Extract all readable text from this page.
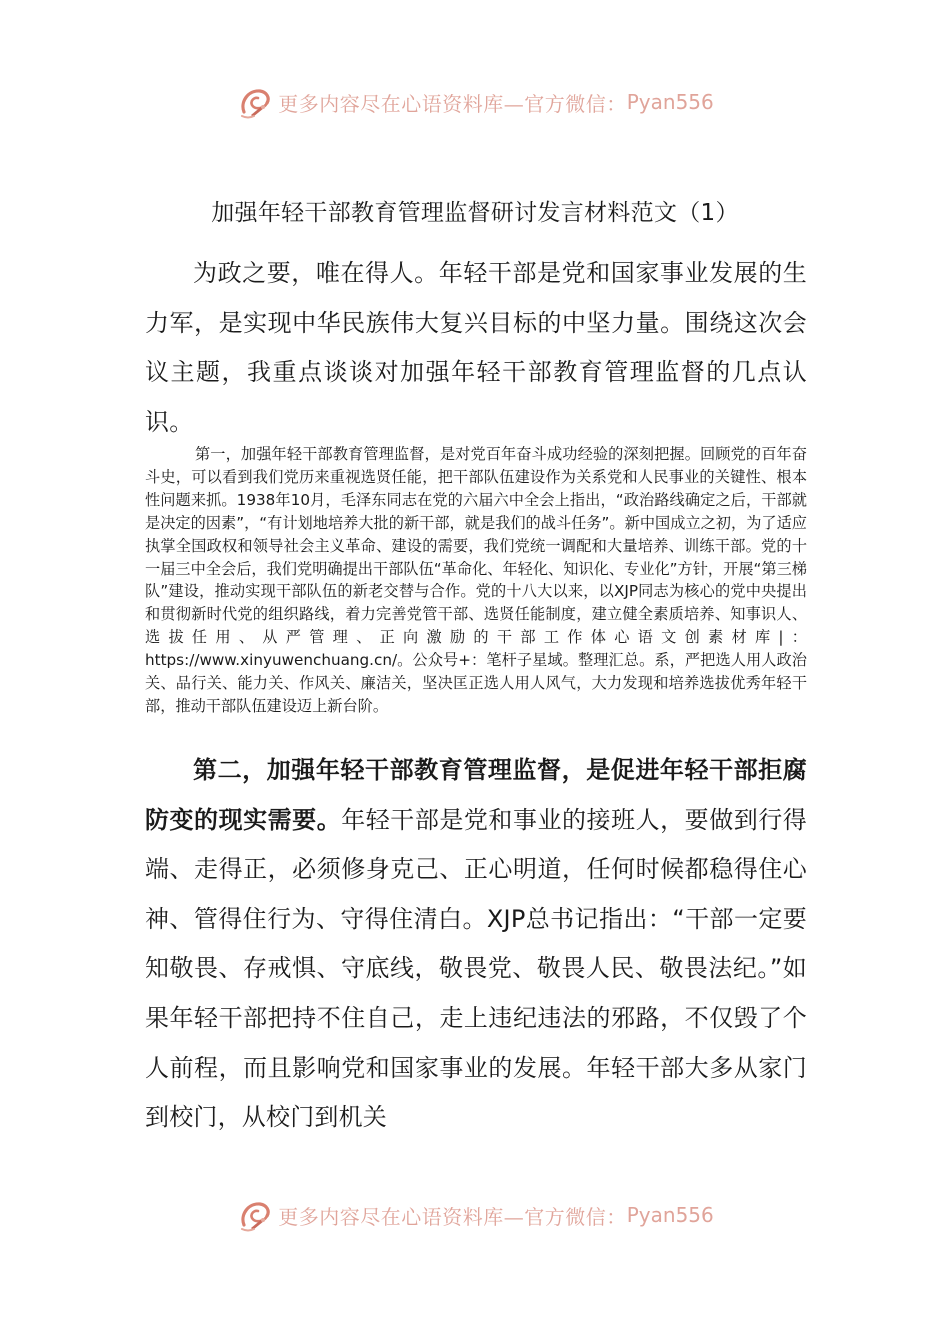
更多内容尽在心语资料库—官方微信： Pyan556
加强年轻干部教育管理监督研讨发言材料范文（1）

为政之要，唯在得人。年轻干部是党和国家事业发展的生力军，是实现中华民族伟大复兴目标的中坚力量。围绕这次会议主题，我重点谈谈对加强年轻干部教育管理监督的几点认识。

第一，加强年轻干部教育管理监督，是对党百年奋斗成功经验的深刻把握。回顾党的百年奋斗史，可以看到我们党历来重视选贤任能，把干部队伍建设作为关系党和人民事业的关键性、根本性问题来抓。1938年10月，毛泽东同志在党的六届六中全会上指出，“政治路线确定之后，干部就是决定的因素”，“有计划地培养大批的新干部，就是我们的战斗任务”。新中国成立之初，为了适应执掌全国政权和领导社会主义革命、建设的需要，我们党统一调配和大量培养、训练干部。党的十一届三中全会后，我们党明确提出干部队伍“革命化、年轻化、知识化、专业化”方针，开展“第三梯队”建设，推动实现干部队伍的新老交替与合作。党的十八大以来，以XJP同志为核心的党中央提出和贯彻新时代党的组织路线，着力完善党管干部、选贤任能制度，建立健全素质培养、知事识人、选拔任用、从严管理、正向激励的干部工作体心语文创素材库|：https://www.xinyuwenchuang.cn/。公众号+：笔杆子星域。整理汇总。系，严把选人用人政治关、品行关、能力关、作风关、廉洁关，坚决匡正选人用人风气，大力发现和培养选拔优秀年轻干部，推动干部队伍建设迈上新台阶。

第二，加强年轻干部教育管理监督，是促进年轻干部拒腐防变的现实需要。年轻干部是党和事业的接班人，要做到行得端、走得正，必须修身克己、正心明道，任何时候都稳得住心神、管得住行为、守得住清白。XJP总书记指出：“干部一定要知敬畏、存戒惧、守底线，敬畏党、敬畏人民、敬畏法纪。”如果年轻干部把持不住自己，走上违纪违法的邪路，不仅毁了个人前程，而且影响党和国家事业的发展。年轻干部大多从家门到校门，从校门到机关

更多内容尽在心语资料库—官方微信： Pyan556
